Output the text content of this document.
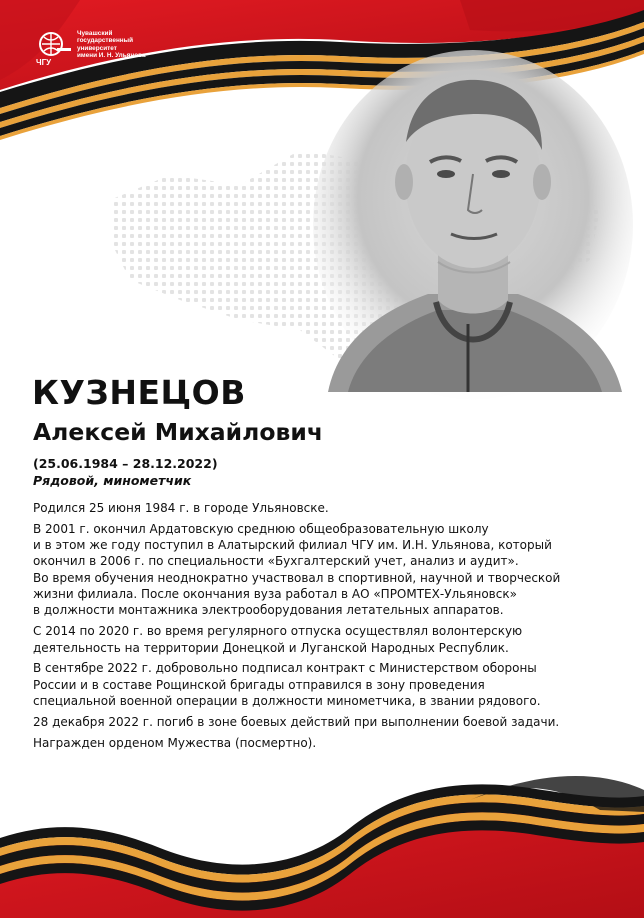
ЧГУ
Чувашский
государственный
университет
имени И. Н. Ульянова
КУЗНЕЦОВ
Алексей Михайлович
(25.06.1984 – 28.12.2022)
Рядовой, минометчик

Родился 25 июня 1984 г. в городе Ульяновске.

В 2001 г. окончил Ардатовскую среднюю общеобразовательную школу
и в этом же году поступил в Алатырский филиал ЧГУ им. И.Н. Ульянова, который
окончил в 2006 г. по специальности «Бухгалтерский учет, анализ и аудит».
Во время обучения неоднократно участвовал в спортивной, научной и творческой
жизни филиала. После окончания вуза работал в АО «ПРОМТЕХ-Ульяновск»
в должности монтажника электрооборудования летательных аппаратов.

С 2014 по 2020 г. во время регулярного отпуска осуществлял волонтерскую
деятельность на территории Донецкой и Луганской Народных Республик.

В сентябре 2022 г. добровольно подписал контракт с Министерством обороны
России и в составе Рощинской бригады отправился в зону проведения
специальной военной операции в должности минометчика, в звании рядового.

28 декабря 2022 г. погиб в зоне боевых действий при выполнении боевой задачи.

Награжден орденом Мужества (посмертно).
